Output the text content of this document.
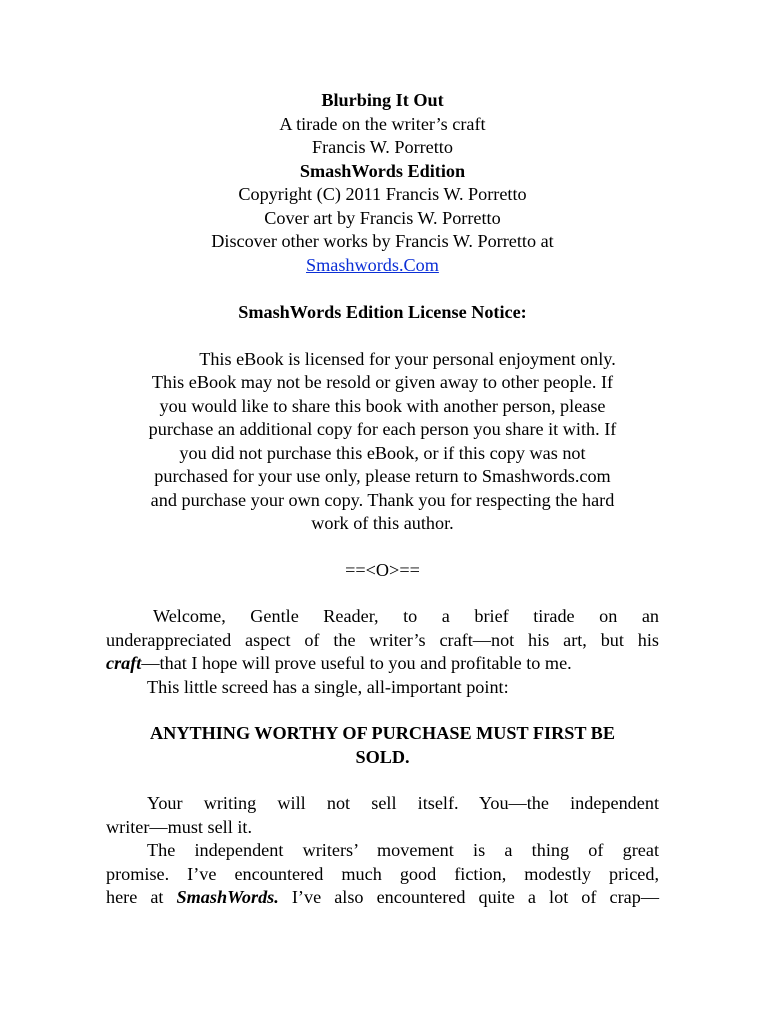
Blurbing It Out
A tirade on the writer’s craft
Francis W. Porretto
SmashWords Edition
Copyright (C) 2011 Francis W. Porretto
Cover art by Francis W. Porretto
Discover other works by Francis W. Porretto at
Smashwords.Com
SmashWords Edition License Notice:
This eBook is licensed for your personal enjoyment only.
This eBook may not be resold or given away to other people. If
you would like to share this book with another person, please
purchase an additional copy for each person you share it with. If
you did not purchase this eBook, or if this copy was not
purchased for your use only, please return to Smashwords.com
and purchase your own copy. Thank you for respecting the hard
work of this author.
==<O>==

Welcome, Gentle Reader, to a brief tirade on an
underappreciated aspect of the writer’s craft—not his art, but his
craft—that I hope will prove useful to you and profitable to me.

This little screed has a single, all-important point:

ANYTHING WORTHY OF PURCHASE MUST FIRST BE
SOLD.

Your writing will not sell itself. You—the independent
writer—must sell it.

The independent writers’ movement is a thing of great
promise. I’ve encountered much good fiction, modestly priced,
here at SmashWords. I’ve also encountered quite a lot of crap—
